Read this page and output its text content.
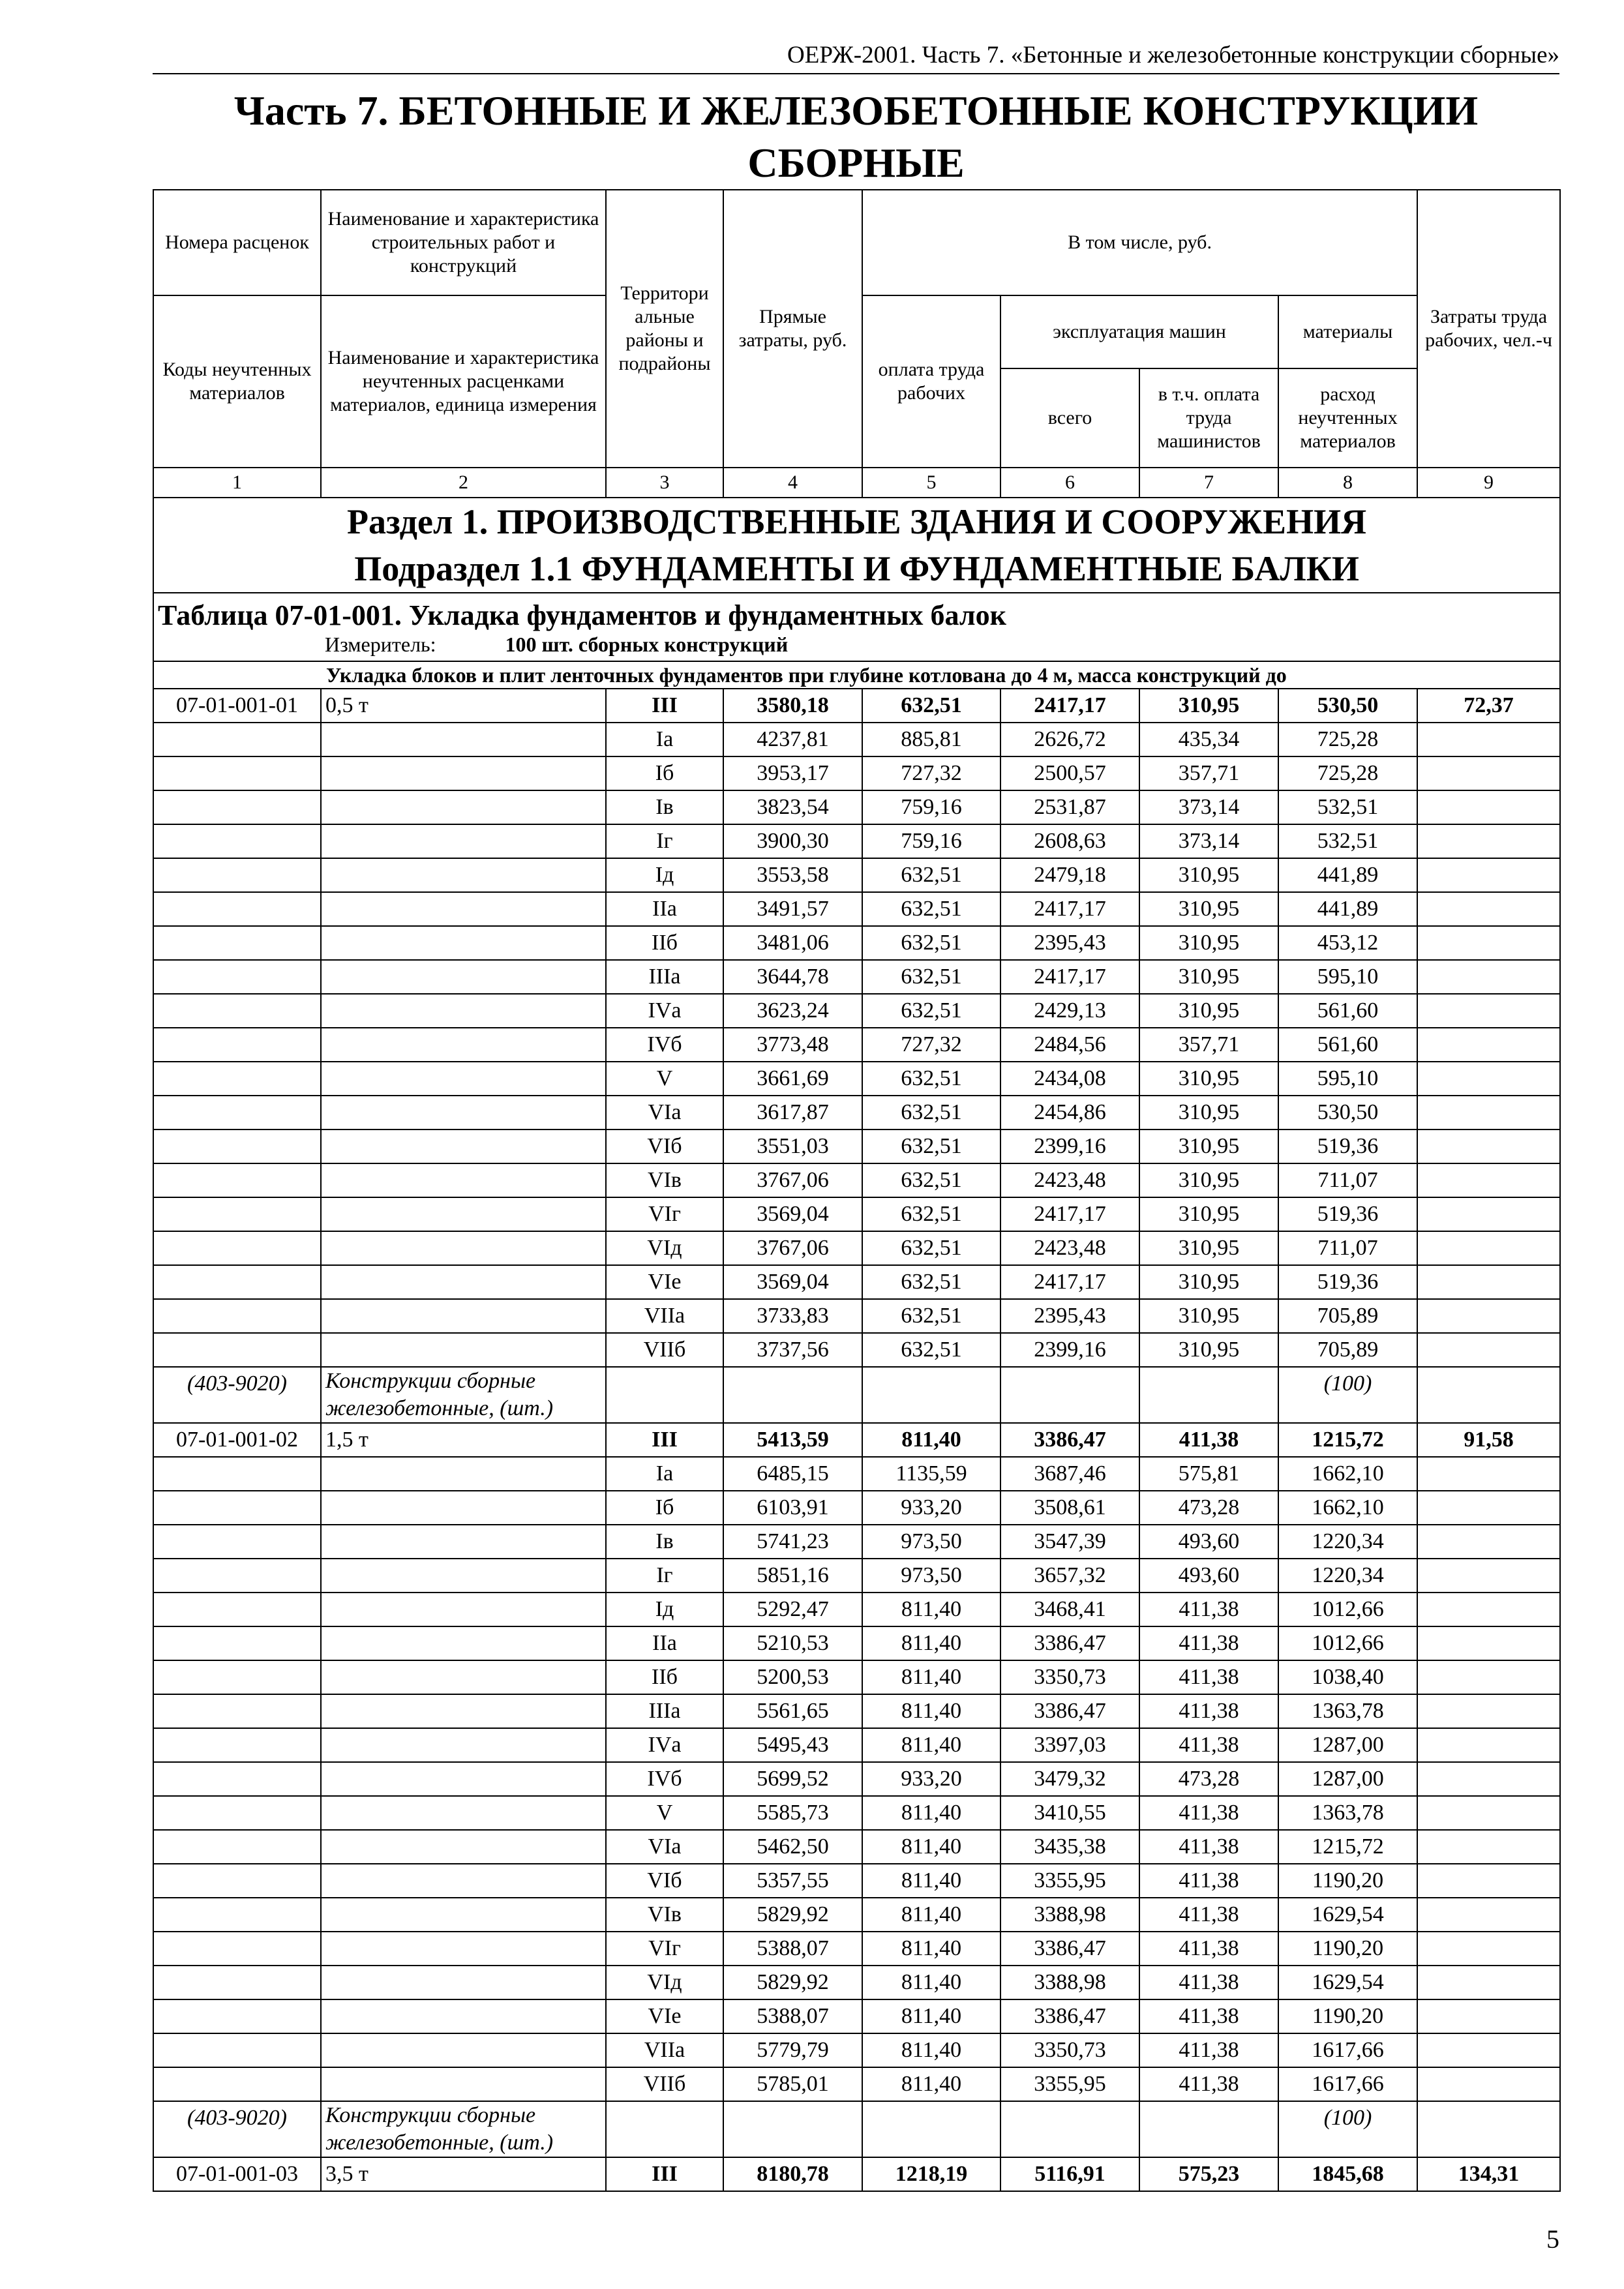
ОЕРЖ-2001. Часть 7. «Бетонные и железобетонные конструкции сборные»
Часть 7. БЕТОННЫЕ И ЖЕЛЕЗОБЕТОННЫЕ КОНСТРУКЦИИ СБОРНЫЕ
Номера расценок	Наименование и характеристика строительных работ и конструкций	Территори альные районы и подрайоны	Прямые затраты, руб.	В том числе, руб.				Затраты труда рабочих, чел.-ч
Коды неучтенных материалов	Наименование и характеристика неучтенных расценками материалов, единица измерения			оплата труда рабочих	эксплуатация машин		материалы	
					всего	в т.ч. оплата труда машинистов	расход неучтенных материалов	
1	2	3	4	5	6	7	8	9

Раздел 1. ПРОИЗВОДСТВЕННЫЕ ЗДАНИЯ И СООРУЖЕНИЯ
Подраздел 1.1 ФУНДАМЕНТЫ И ФУНДАМЕНТНЫЕ БАЛКИ								

Таблица 07-01-001. Укладка фундаментов и фундаментных балок								
	Измеритель: 100 шт. сборных конструкций							
	Укладка блоков и плит ленточных фундаментов при глубине котлована до 4 м, масса конструкций до							
07-01-001-01	0,5 т	III	3580,18	632,51	2417,17	310,95	530,50	72,37
		Iа	4237,81	885,81	2626,72	435,34	725,28	
		Iб	3953,17	727,32	2500,57	357,71	725,28	
		Iв	3823,54	759,16	2531,87	373,14	532,51	
		Iг	3900,30	759,16	2608,63	373,14	532,51	
		Iд	3553,58	632,51	2479,18	310,95	441,89	
		IIа	3491,57	632,51	2417,17	310,95	441,89	
		IIб	3481,06	632,51	2395,43	310,95	453,12	
		IIIа	3644,78	632,51	2417,17	310,95	595,10	
		IVа	3623,24	632,51	2429,13	310,95	561,60	
		IVб	3773,48	727,32	2484,56	357,71	561,60	
		V	3661,69	632,51	2434,08	310,95	595,10	
		VIа	3617,87	632,51	2454,86	310,95	530,50	
		VIб	3551,03	632,51	2399,16	310,95	519,36	
		VIв	3767,06	632,51	2423,48	310,95	711,07	
		VIг	3569,04	632,51	2417,17	310,95	519,36	
		VIд	3767,06	632,51	2423,48	310,95	711,07	
		VIе	3569,04	632,51	2417,17	310,95	519,36	
		VIIа	3733,83	632,51	2395,43	310,95	705,89	
		VIIб	3737,56	632,51	2399,16	310,95	705,89	
(403-9020)	Конструкции сборные железобетонные, (шт.)						(100)	
07-01-001-02	1,5 т	III	5413,59	811,40	3386,47	411,38	1215,72	91,58
		Iа	6485,15	1135,59	3687,46	575,81	1662,10	
		Iб	6103,91	933,20	3508,61	473,28	1662,10	
		Iв	5741,23	973,50	3547,39	493,60	1220,34	
		Iг	5851,16	973,50	3657,32	493,60	1220,34	
		Iд	5292,47	811,40	3468,41	411,38	1012,66	
		IIа	5210,53	811,40	3386,47	411,38	1012,66	
		IIб	5200,53	811,40	3350,73	411,38	1038,40	
		IIIа	5561,65	811,40	3386,47	411,38	1363,78	
		IVа	5495,43	811,40	3397,03	411,38	1287,00	
		IVб	5699,52	933,20	3479,32	473,28	1287,00	
		V	5585,73	811,40	3410,55	411,38	1363,78	
		VIа	5462,50	811,40	3435,38	411,38	1215,72	
		VIб	5357,55	811,40	3355,95	411,38	1190,20	
		VIв	5829,92	811,40	3388,98	411,38	1629,54	
		VIг	5388,07	811,40	3386,47	411,38	1190,20	
		VIд	5829,92	811,40	3388,98	411,38	1629,54	
		VIе	5388,07	811,40	3386,47	411,38	1190,20	
		VIIа	5779,79	811,40	3350,73	411,38	1617,66	
		VIIб	5785,01	811,40	3355,95	411,38	1617,66	
(403-9020)	Конструкции сборные железобетонные, (шт.)						(100)	
07-01-001-03	3,5 т	III	8180,78	1218,19	5116,91	575,23	1845,68	134,31
5
